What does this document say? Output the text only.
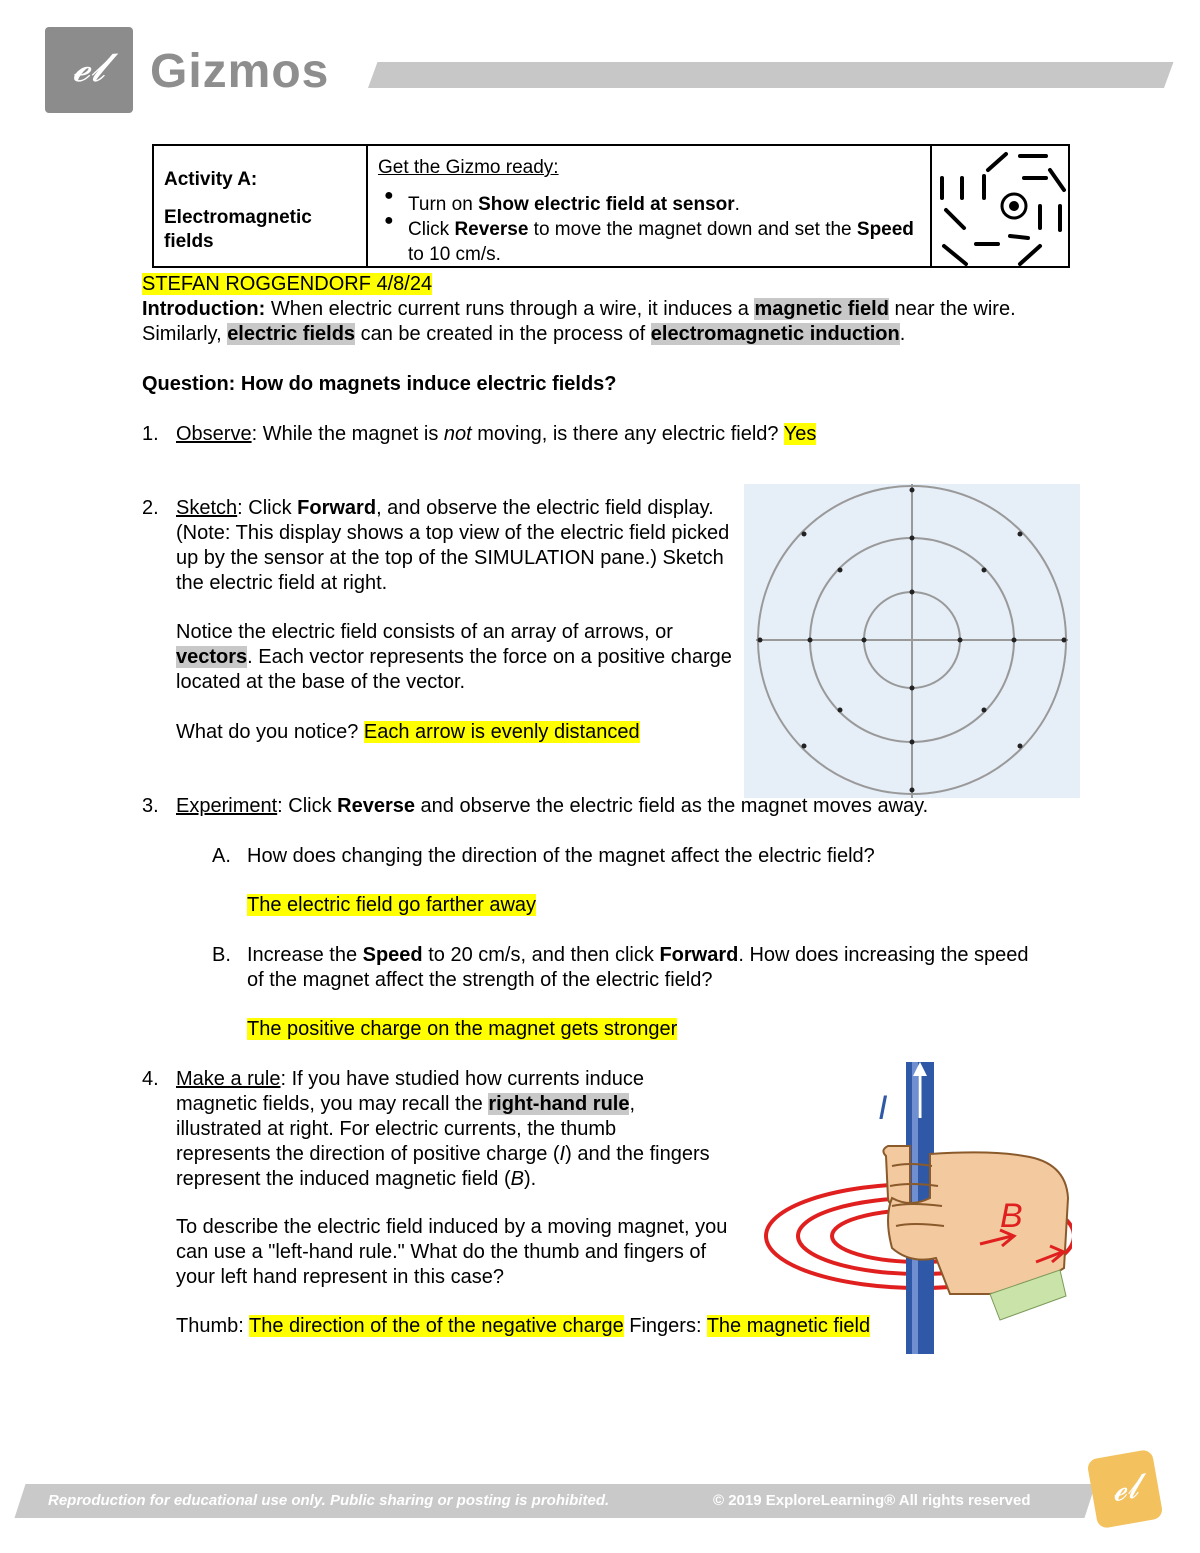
𝓮𝓵 Gizmos
Activity A:
Electromagnetic fields
Get the Gizmo ready:
● Turn on Show electric field at sensor.
● Click Reverse to move the magnet down and set the Speed to 10 cm/s.
STEFAN ROGGENDORF 4/8/24
Introduction: When electric current runs through a wire, it induces a magnetic field near the wire. Similarly, electric fields can be created in the process of electromagnetic induction.
Question: How do magnets induce electric fields?
1. Observe: While the magnet is not moving, is there any electric field? Yes
2. Sketch: Click Forward, and observe the electric field display. (Note: This display shows a top view of the electric field picked up by the sensor at the top of the SIMULATION pane.) Sketch the electric field at right.
Notice the electric field consists of an array of arrows, or vectors. Each vector represents the force on a positive charge located at the base of the vector.
What do you notice? Each arrow is evenly distanced
3. Experiment: Click Reverse and observe the electric field as the magnet moves away.
A. How does changing the direction of the magnet affect the electric field?
The electric field go farther away
B. Increase the Speed to 20 cm/s, and then click Forward. How does increasing the speed of the magnet affect the strength of the electric field?
The positive charge on the magnet gets stronger
4. Make a rule: If you have studied how currents induce magnetic fields, you may recall the right-hand rule, illustrated at right. For electric currents, the thumb represents the direction of positive charge (I) and the fingers represent the induced magnetic field (B).
To describe the electric field induced by a moving magnet, you can use a "left-hand rule." What do the thumb and fingers of your left hand represent in this case?
Thumb: The direction of the of the negative charge Fingers: The magnetic field
I
B
Reproduction for educational use only. Public sharing or posting is prohibited.	© 2019 ExploreLearning® All rights reserved	𝓮𝓵
